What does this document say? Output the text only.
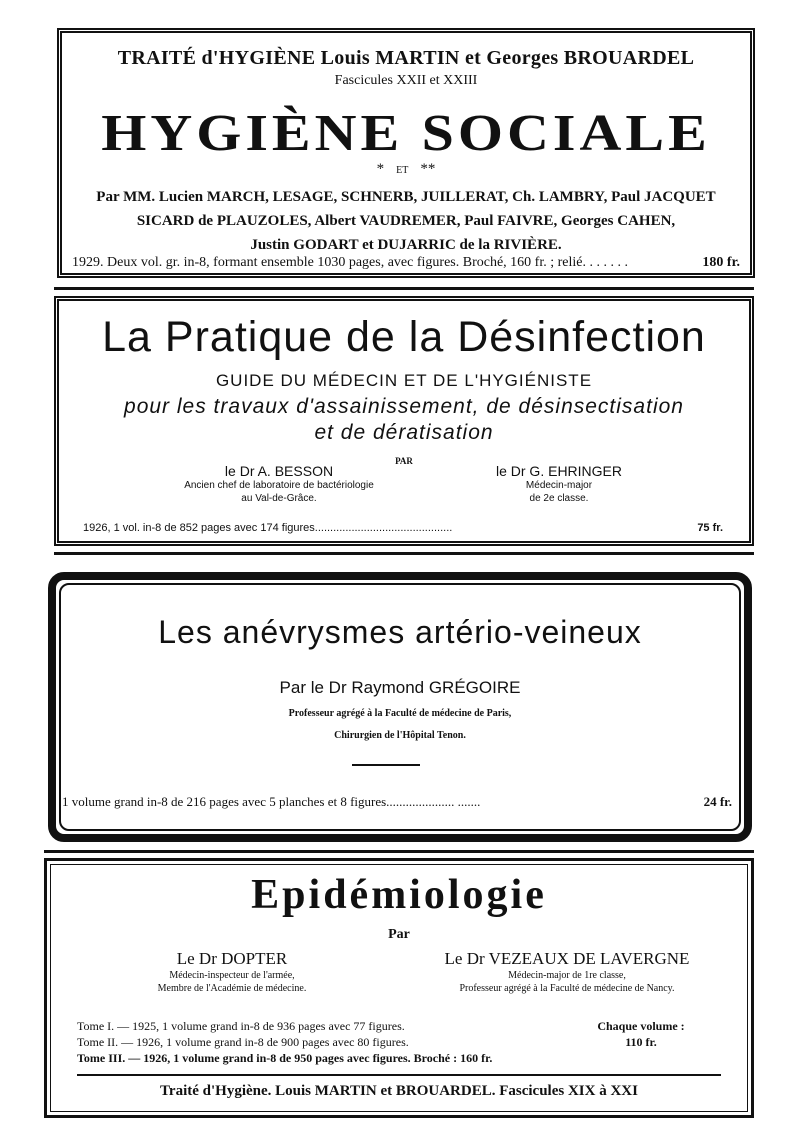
TRAITÉ d'HYGIÈNE Louis MARTIN et Georges BROUARDEL
Fascicules XXII et XXIII
HYGIÈNE SOCIALE
* ET **
Par MM. Lucien MARCH, LESAGE, SCHNERB, JUILLERAT, Ch. LAMBRY, Paul JACQUET
SICARD de PLAUZOLES, Albert VAUDREMER, Paul FAIVRE, Georges CAHEN,
Justin GODART et DUJARRIC de la RIVIÈRE.
1929. Deux vol. gr. in-8, formant ensemble 1030 pages, avec figures. Broché, 160 fr. ; relié. . . . . . .	180 fr.
La Pratique de la Désinfection
GUIDE DU MÉDECIN ET DE L'HYGIÉNISTE
pour les travaux d'assainissement, de désinsectisation
et de dératisation
PAR
le Dr A. BESSON
Ancien chef de laboratoire de bactériologie
au Val-de-Grâce.
le Dr G. EHRINGER
Médecin-major
de 2e classe.
1926, 1 vol. in-8 de 852 pages avec 174 figures.............................................	75 fr.
Les anévrysmes artério-veineux
Par le Dr Raymond GRÉGOIRE
Professeur agrégé à la Faculté de médecine de Paris,
Chirurgien de l'Hôpital Tenon.
1 volume grand in-8 de 216 pages avec 5 planches et 8 figures..................... .......	24 fr.
Epidémiologie
Par
Le Dr DOPTER
Médecin-inspecteur de l'armée,
Membre de l'Académie de médecine.
Le Dr VEZEAUX DE LAVERGNE
Médecin-major de 1re classe,
Professeur agrégé à la Faculté de médecine de Nancy.
Tome I. — 1925, 1 volume grand in-8 de 936 pages avec 77 figures.
Tome II. — 1926, 1 volume grand in-8 de 900 pages avec 80 figures.
Tome III. — 1926, 1 volume grand in-8 de 950 pages avec figures. Broché : 160 fr.
Chaque volume :
110 fr.
Traité d'Hygiène. Louis MARTIN et BROUARDEL. Fascicules XIX à XXI
